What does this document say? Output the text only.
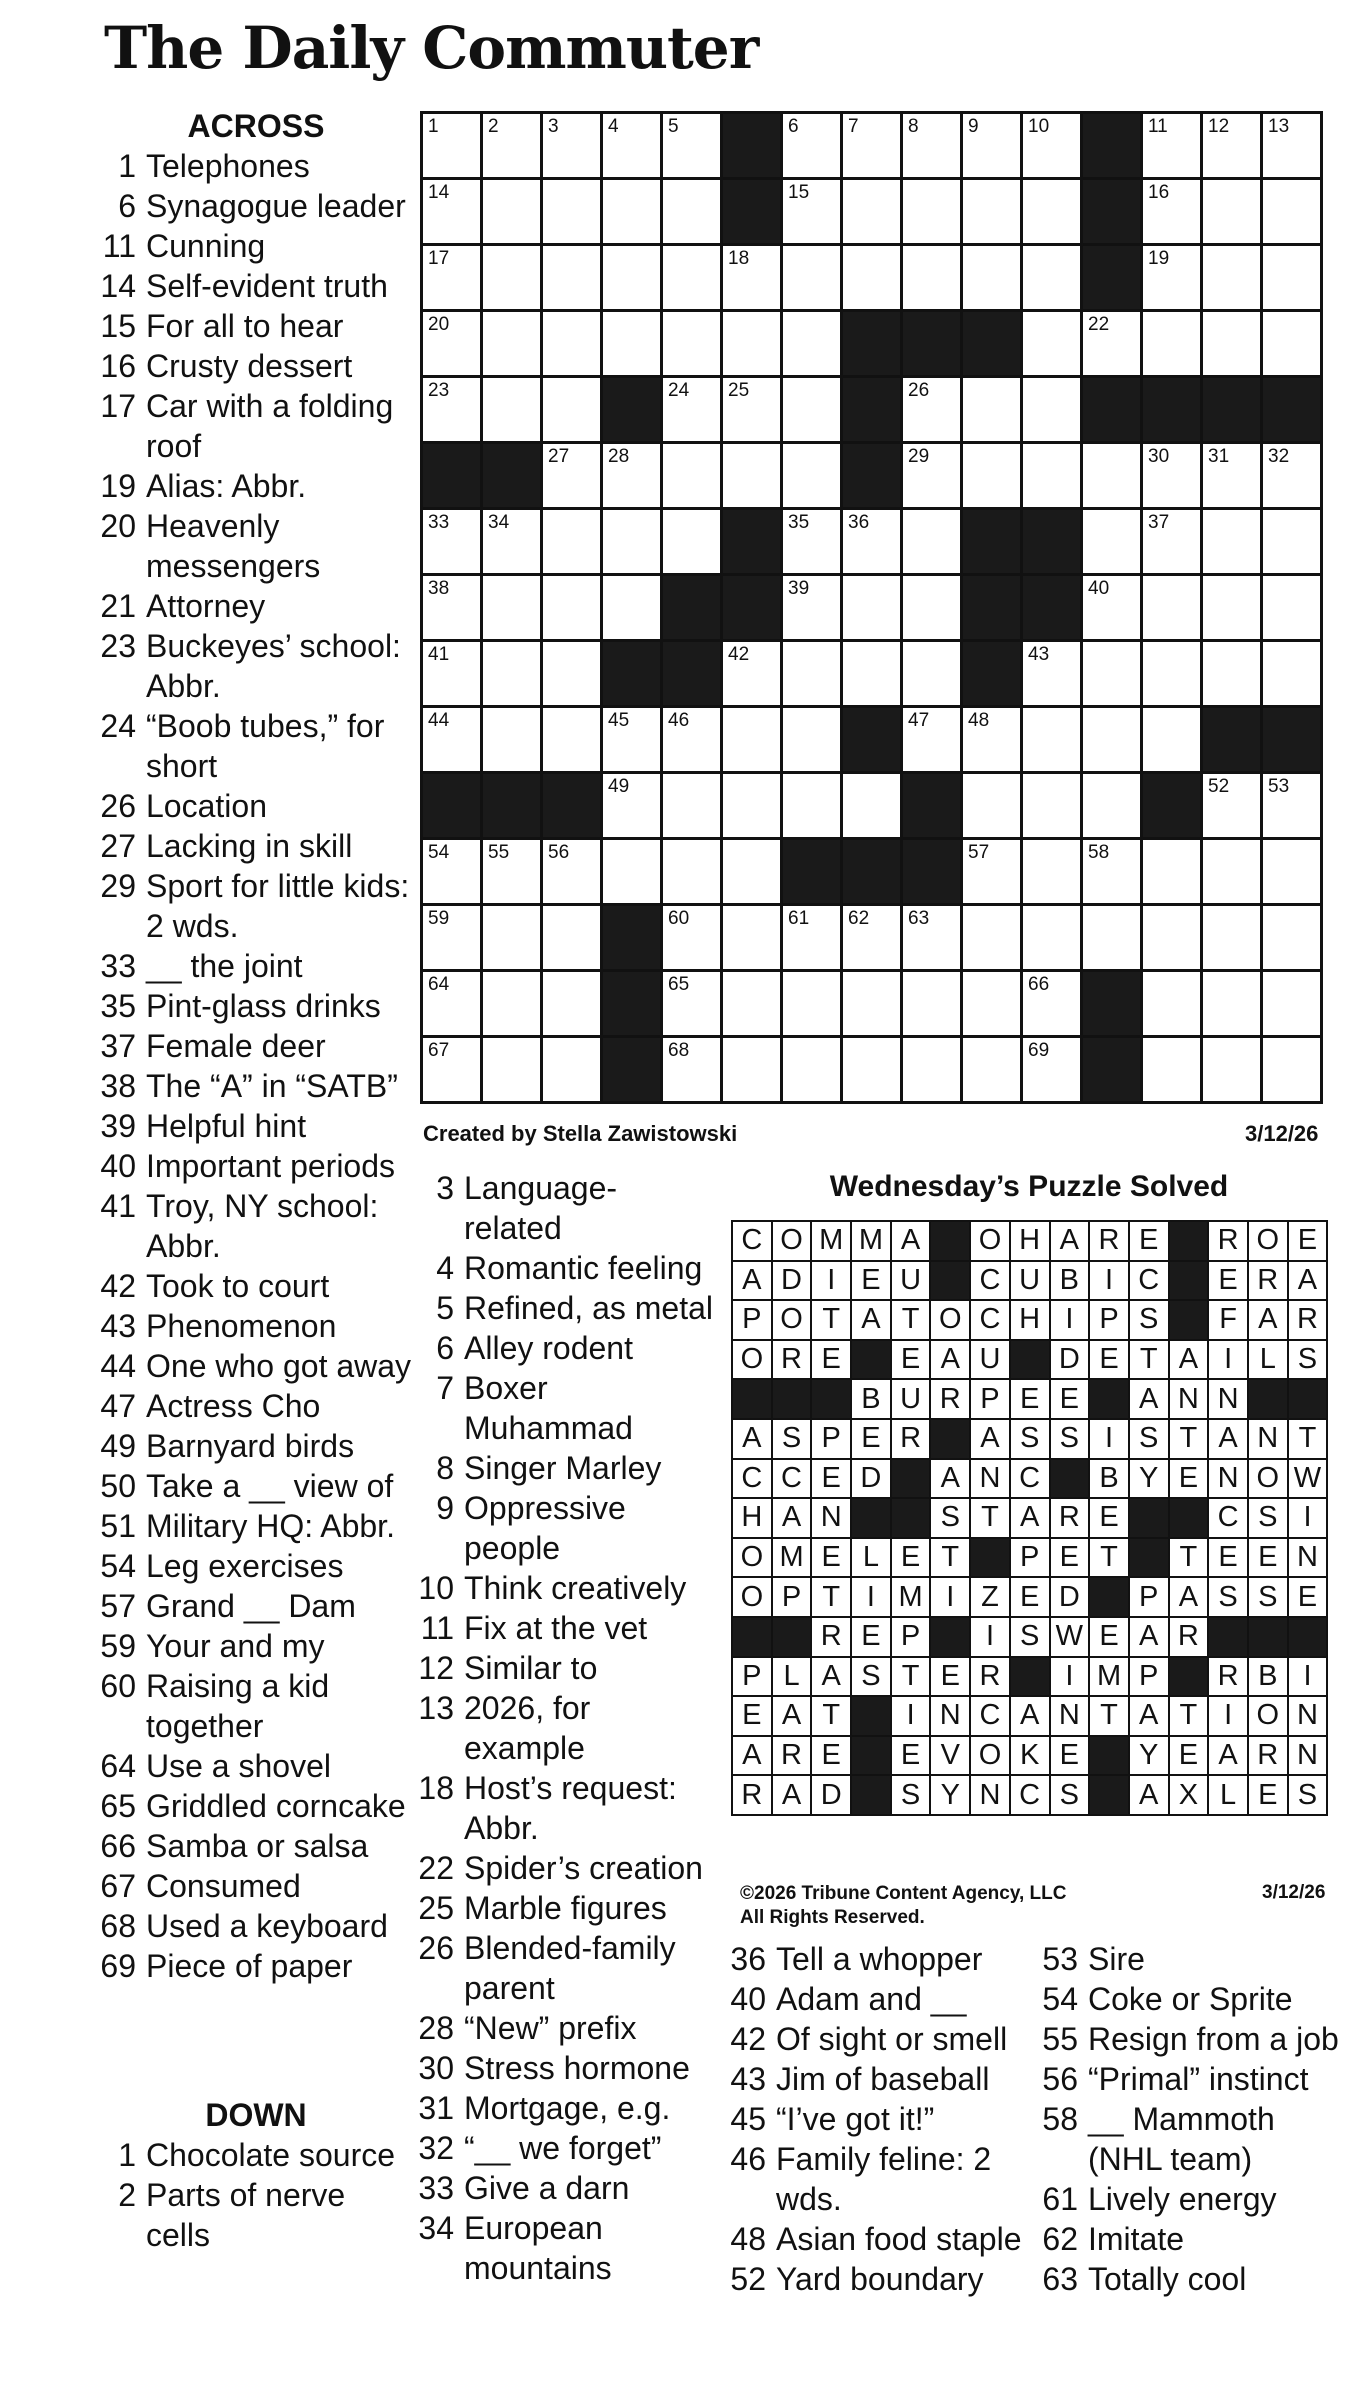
The Daily Commuter
ACROSS
1 Telephones
6 Synagogue leader
11 Cunning
14 Self-evident truth
15 For all to hear
16 Crusty dessert
17 Car with a folding roof
19 Alias: Abbr.
20 Heavenly messengers
21 Attorney
23 Buckeyes’ school: Abbr.
24 “Boob tubes,” for short
26 Location
27 Lacking in skill
29 Sport for little kids: 2 wds.
33 __ the joint
35 Pint-glass drinks
37 Female deer
38 The “A” in “SATB”
39 Helpful hint
40 Important periods
41 Troy, NY school: Abbr.
42 Took to court
43 Phenomenon
44 One who got away
47 Actress Cho
49 Barnyard birds
50 Take a __ view of
51 Military HQ: Abbr.
54 Leg exercises
57 Grand __ Dam
59 Your and my
60 Raising a kid together
64 Use a shovel
65 Griddled corncake
66 Samba or salsa
67 Consumed
68 Used a keyboard
69 Piece of paper
DOWN
1 Chocolate source
2 Parts of nerve cells
3 Language-related
4 Romantic feeling
5 Refined, as metal
6 Alley rodent
7 Boxer Muhammad
8 Singer Marley
9 Oppressive people
10 Think creatively
11 Fix at the vet
12 Similar to
13 2026, for example
18 Host’s request: Abbr.
22 Spider’s creation
25 Marble figures
26 Blended-family parent
28 “New” prefix
30 Stress hormone
31 Mortgage, e.g.
32 “__ we forget”
33 Give a darn
34 European mountains
36 Tell a whopper
40 Adam and __
42 Of sight or smell
43 Jim of baseball
45 “I’ve got it!”
46 Family feline: 2 wds.
48 Asian food staple
52 Yard boundary
53 Sire
54 Coke or Sprite
55 Resign from a job
56 “Primal” instinct
58 __ Mammoth (NHL team)
61 Lively energy
62 Imitate
63 Totally cool
1	2	3	4	5	6	7	8	9	10	11 12 13
14	15	16
17	18	19
20	22
23	24 25	26
27 28	29	30 31 32
33 34	35 36	37
38	39	40
41	42	43
44	45 46	47 48
49	52 53
54 55 56	57	58
59	60	61 62 63
64	65	66
67	68	69
Created by Stella Zawistowski	3/12/26
Wednesday’s Puzzle Solved
C O M M A	O H A R E	R O E
A D I E U	C U B I C	E R A
P O T A T O C H I P S	F A R
O R E	E A U	D E T A I L S
B U R P E E	A N N
A S P E R	A S S I S T A N T
C C E D	A N C	B Y E N O W
H A N	S T A R E	C S I
O M E L E T	P E T	T E E N
O P T I M I Z E D	P A S S E
R E P	I S W E A R
P L A S T E R	I M P	R B I
E A T	I N C A N T A T I O N
A R E	E V O K E	Y E A R N
R A D	S Y N C S	A X L E S
©2026 Tribune Content Agency, LLC
All Rights Reserved.
3/12/26
